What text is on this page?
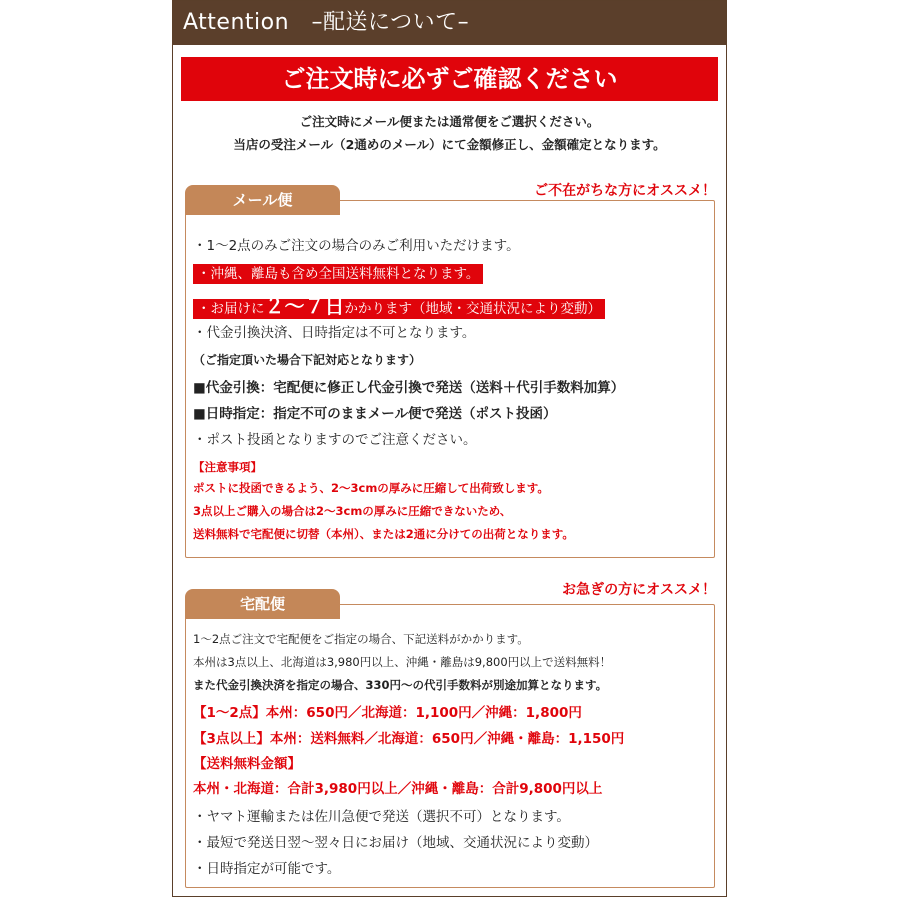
Attention　–配送について–
ご注文時に必ずご確認ください
ご注文時にメール便または通常便をご選択ください。
当店の受注メール（2通めのメール）にて金額修正し、金額確定となります。
メール便	ご不在がちな方にオススメ！
・1〜2点のみご注文の場合のみご利用いただけます。
・沖縄、離島も含め全国送料無料となります。
・お届けに２〜７日かかります（地域・交通状況により変動）
・代金引換決済、日時指定は不可となります。
（ご指定頂いた場合下記対応となります）
■代金引換：宅配便に修正し代金引換で発送（送料＋代引手数料加算）
■日時指定：指定不可のままメール便で発送（ポスト投函）
・ポスト投函となりますのでご注意ください。
【注意事項】
ポストに投函できるよう、2〜3cmの厚みに圧縮して出荷致します。
3点以上ご購入の場合は2〜3cmの厚みに圧縮できないため、
送料無料で宅配便に切替（本州）、または2通に分けての出荷となります。
宅配便
お急ぎの方にオススメ！
1〜2点ご注文で宅配便をご指定の場合、下記送料がかかります。
本州は3点以上、北海道は3,980円以上、沖縄・離島は9,800円以上で送料無料！
また代金引換決済を指定の場合、330円〜の代引手数料が別途加算となります。
【1〜2点】本州：650円／北海道：1,100円／沖縄：1,800円
【3点以上】本州：送料無料／北海道：650円／沖縄・離島：1,150円
【送料無料金額】
本州・北海道：合計3,980円以上／沖縄・離島：合計9,800円以上
・ヤマト運輸または佐川急便で発送（選択不可）となります。
・最短で発送日翌〜翌々日にお届け（地域、交通状況により変動）
・日時指定が可能です。
